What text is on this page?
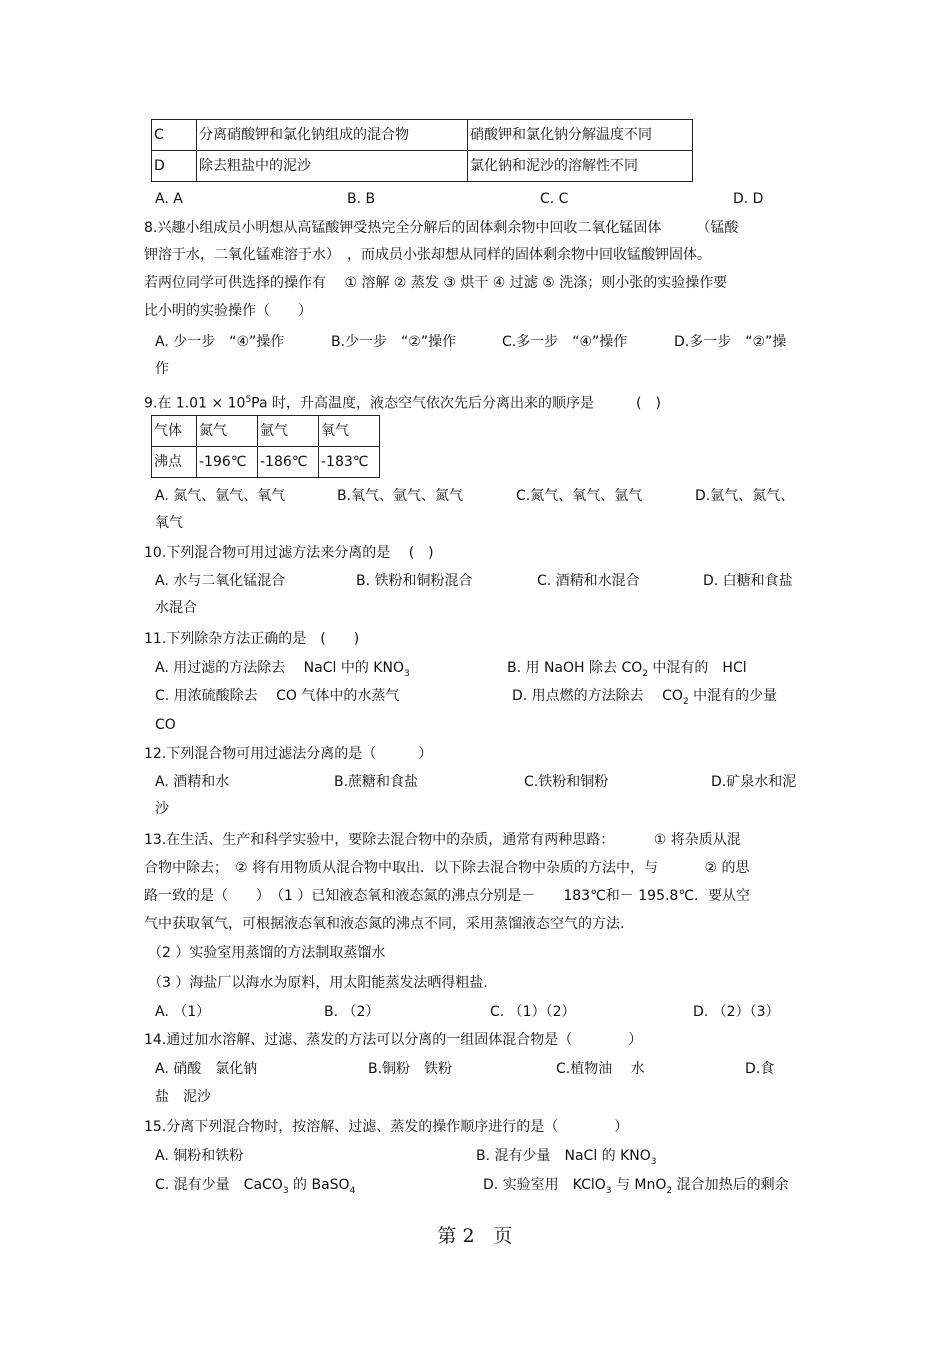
C	分离硝酸钾和氯化钠组成的混合物	硝酸钾和氯化钠分解温度不同
D	除去粗盐中的泥沙	氯化钠和泥沙的溶解性不同
A. A	B. B	C. C	D. D
8.兴趣小组成员小明想从高锰酸钾受热完全分解后的固体剩余物中回收二氧化锰固体　　　（锰酸
钾溶于水，二氧化锰难溶于水）　，而成员小张却想从同样的固体剩余物中回收锰酸钾固体。
若两位同学可供选择的操作有　 ① 溶解 ② 蒸发 ③ 烘干 ④ 过滤 ⑤ 洗涤；则小张的实验操作要
比小明的实验操作（　　）
A. 少一步　“④”操作	B.少一步　“②”操作	C.多一步　“④”操作	D.多一步　“②”操
作
9.在 $1.01 \times 10^5Pa$ 时，升高温度，液态空气依次先后分离出来的顺序是　　　(　)
气体	氮气	氩气	氧气
沸点	-196℃	-186℃	-183℃
A. 氮气、氩气、氧气	B.氧气、氩气、氮气	C.氮气、氧气、氩气	D.氩气、氮气、
氧气
10.下列混合物可用过滤方法来分离的是　 (　)
A. 水与二氧化锰混合	B. 铁粉和铜粉混合	C. 酒精和水混合	D. 白糖和食盐
水混合
11.下列除杂方法正确的是　(　　)
A. 用过滤的方法除去　 NaCl 中的 $KNO_3$	B. 用 NaOH 除去 $CO_2$ 中混有的　HCl
C. 用浓硫酸除去　 CO 气体中的水蒸气	D. 用点燃的方法除去　 $CO_2$ 中混有的少量
CO
12.下列混合物可用过滤法分离的是（　　　）
A. 酒精和水	B.蔗糖和食盐	C.铁粉和铜粉	D.矿泉水和泥
沙
13.在生活、生产和科学实验中，要除去混合物中的杂质，通常有两种思路：　　　 ① 将杂质从混
合物中除去；　② 将有用物质从混合物中取出．以下除去混合物中杂质的方法中，与　　　 ② 的思
路一致的是（　　）　（1 ）已知液态氧和液态氮的沸点分别是－　　183℃和－ 195.8℃．要从空
气中获取氧气，可根据液态氧和液态氮的沸点不同，采用蒸馏液态空气的方法.
（2 ）实验室用蒸馏的方法制取蒸馏水
（3 ）海盐厂以海水为原料，用太阳能蒸发法晒得粗盐.
A. （1）	B. （2）	C. （1）（2）	D. （2）（3）
14.通过加水溶解、过滤、蒸发的方法可以分离的一组固体混合物是（　　　　）
A. 硝酸　氯化钠	B.铜粉　铁粉	C.植物油　 水	D.食
盐　泥沙
15.分离下列混合物时，按溶解、过滤、蒸发的操作顺序进行的是（　　　　）
A. 铜粉和铁粉	B. 混有少量　NaCl 的 $KNO_3$
C. 混有少量　CaCO$_3$ 的 BaSO$_4$	D. 实验室用　KClO$_3$ 与 MnO$_2$ 混合加热后的剩余
第 2　页
